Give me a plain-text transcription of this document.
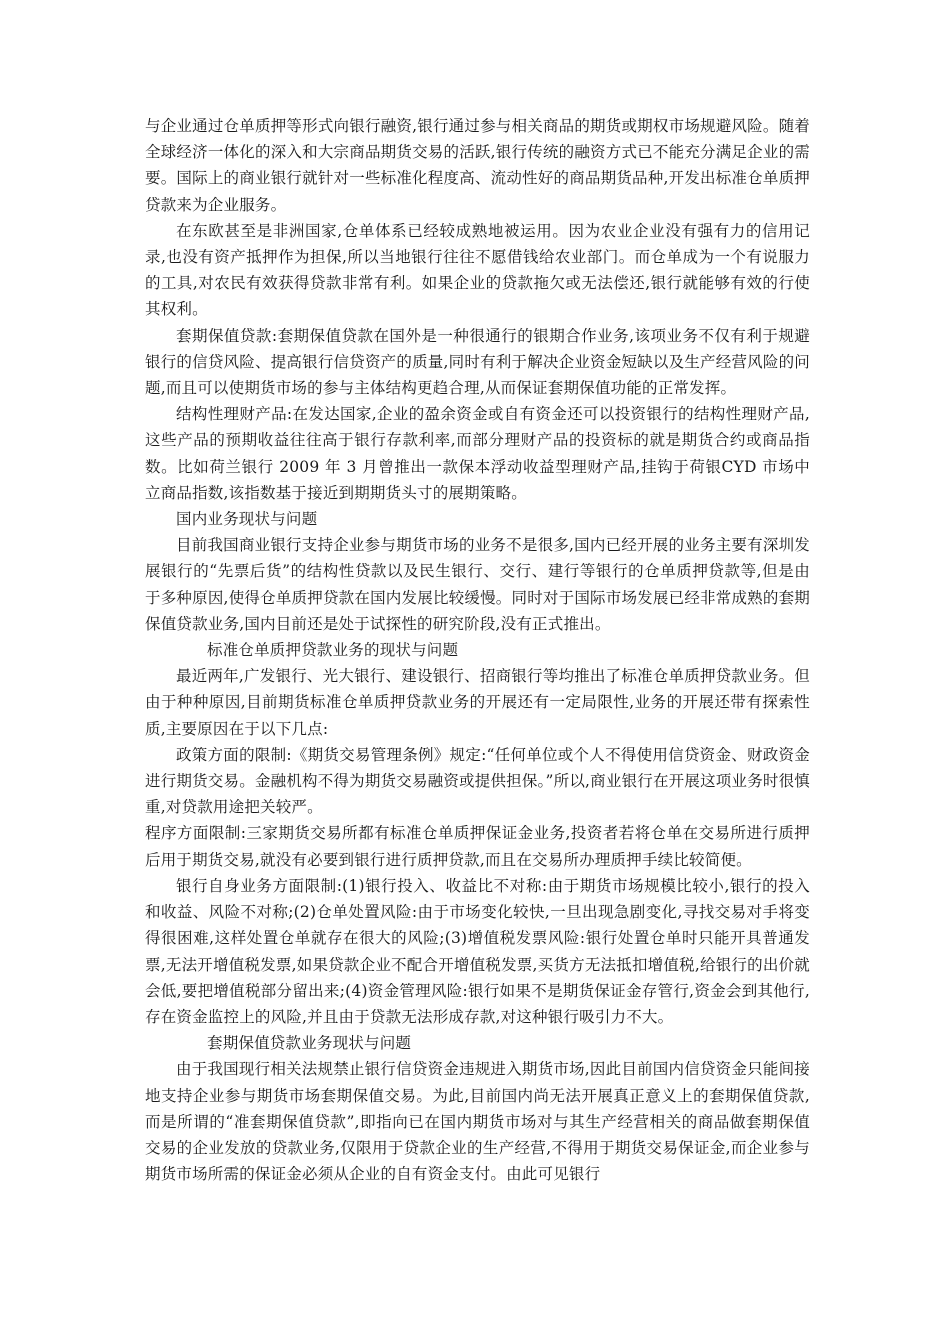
与企业通过仓单质押等形式向银行融资,银行通过参与相关商品的期货或期权市场规避风险。随着全球经济一体化的深入和大宗商品期货交易的活跃,银行传统的融资方式已不能充分满足企业的需要。国际上的商业银行就针对一些标准化程度高、流动性好的商品期货品种,开发出标准仓单质押贷款来为企业服务。

在东欧甚至是非洲国家,仓单体系已经较成熟地被运用。因为农业企业没有强有力的信用记录,也没有资产抵押作为担保,所以当地银行往往不愿借钱给农业部门。而仓单成为一个有说服力的工具,对农民有效获得贷款非常有利。如果企业的贷款拖欠或无法偿还,银行就能够有效的行使其权利。

套期保值贷款:套期保值贷款在国外是一种很通行的银期合作业务,该项业务不仅有利于规避银行的信贷风险、提高银行信贷资产的质量,同时有利于解决企业资金短缺以及生产经营风险的问题,而且可以使期货市场的参与主体结构更趋合理,从而保证套期保值功能的正常发挥。

结构性理财产品:在发达国家,企业的盈余资金或自有资金还可以投资银行的结构性理财产品,这些产品的预期收益往往高于银行存款利率,而部分理财产品的投资标的就是期货合约或商品指数。比如荷兰银行 2009 年 3 月曾推出一款保本浮动收益型理财产品,挂钩于荷银CYD 市场中立商品指数,该指数基于接近到期期货头寸的展期策略。

国内业务现状与问题

目前我国商业银行支持企业参与期货市场的业务不是很多,国内已经开展的业务主要有深圳发展银行的“先票后货”的结构性贷款以及民生银行、交行、建行等银行的仓单质押贷款等,但是由于多种原因,使得仓单质押贷款在国内发展比较缓慢。同时对于国际市场发展已经非常成熟的套期保值贷款业务,国内目前还是处于试探性的研究阶段,没有正式推出。

标准仓单质押贷款业务的现状与问题

最近两年,广发银行、光大银行、建设银行、招商银行等均推出了标准仓单质押贷款业务。但由于种种原因,目前期货标准仓单质押贷款业务的开展还有一定局限性,业务的开展还带有探索性质,主要原因在于以下几点:

政策方面的限制:《期货交易管理条例》规定:“任何单位或个人不得使用信贷资金、财政资金进行期货交易。金融机构不得为期货交易融资或提供担保。”所以,商业银行在开展这项业务时很慎重,对贷款用途把关较严。

程序方面限制:三家期货交易所都有标准仓单质押保证金业务,投资者若将仓单在交易所进行质押后用于期货交易,就没有必要到银行进行质押贷款,而且在交易所办理质押手续比较简便。

银行自身业务方面限制:(1)银行投入、收益比不对称:由于期货市场规模比较小,银行的投入和收益、风险不对称;(2)仓单处置风险:由于市场变化较快,一旦出现急剧变化,寻找交易对手将变得很困难,这样处置仓单就存在很大的风险;(3)增值税发票风险:银行处置仓单时只能开具普通发票,无法开增值税发票,如果贷款企业不配合开增值税发票,买货方无法抵扣增值税,给银行的出价就会低,要把增值税部分留出来;(4)资金管理风险:银行如果不是期货保证金存管行,资金会到其他行,存在资金监控上的风险,并且由于贷款无法形成存款,对这种银行吸引力不大。

套期保值贷款业务现状与问题

由于我国现行相关法规禁止银行信贷资金违规进入期货市场,因此目前国内信贷资金只能间接地支持企业参与期货市场套期保值交易。为此,目前国内尚无法开展真正意义上的套期保值贷款,而是所谓的“准套期保值贷款”,即指向已在国内期货市场对与其生产经营相关的商品做套期保值交易的企业发放的贷款业务,仅限用于贷款企业的生产经营,不得用于期货交易保证金,而企业参与期货市场所需的保证金必须从企业的自有资金支付。由此可见银行
